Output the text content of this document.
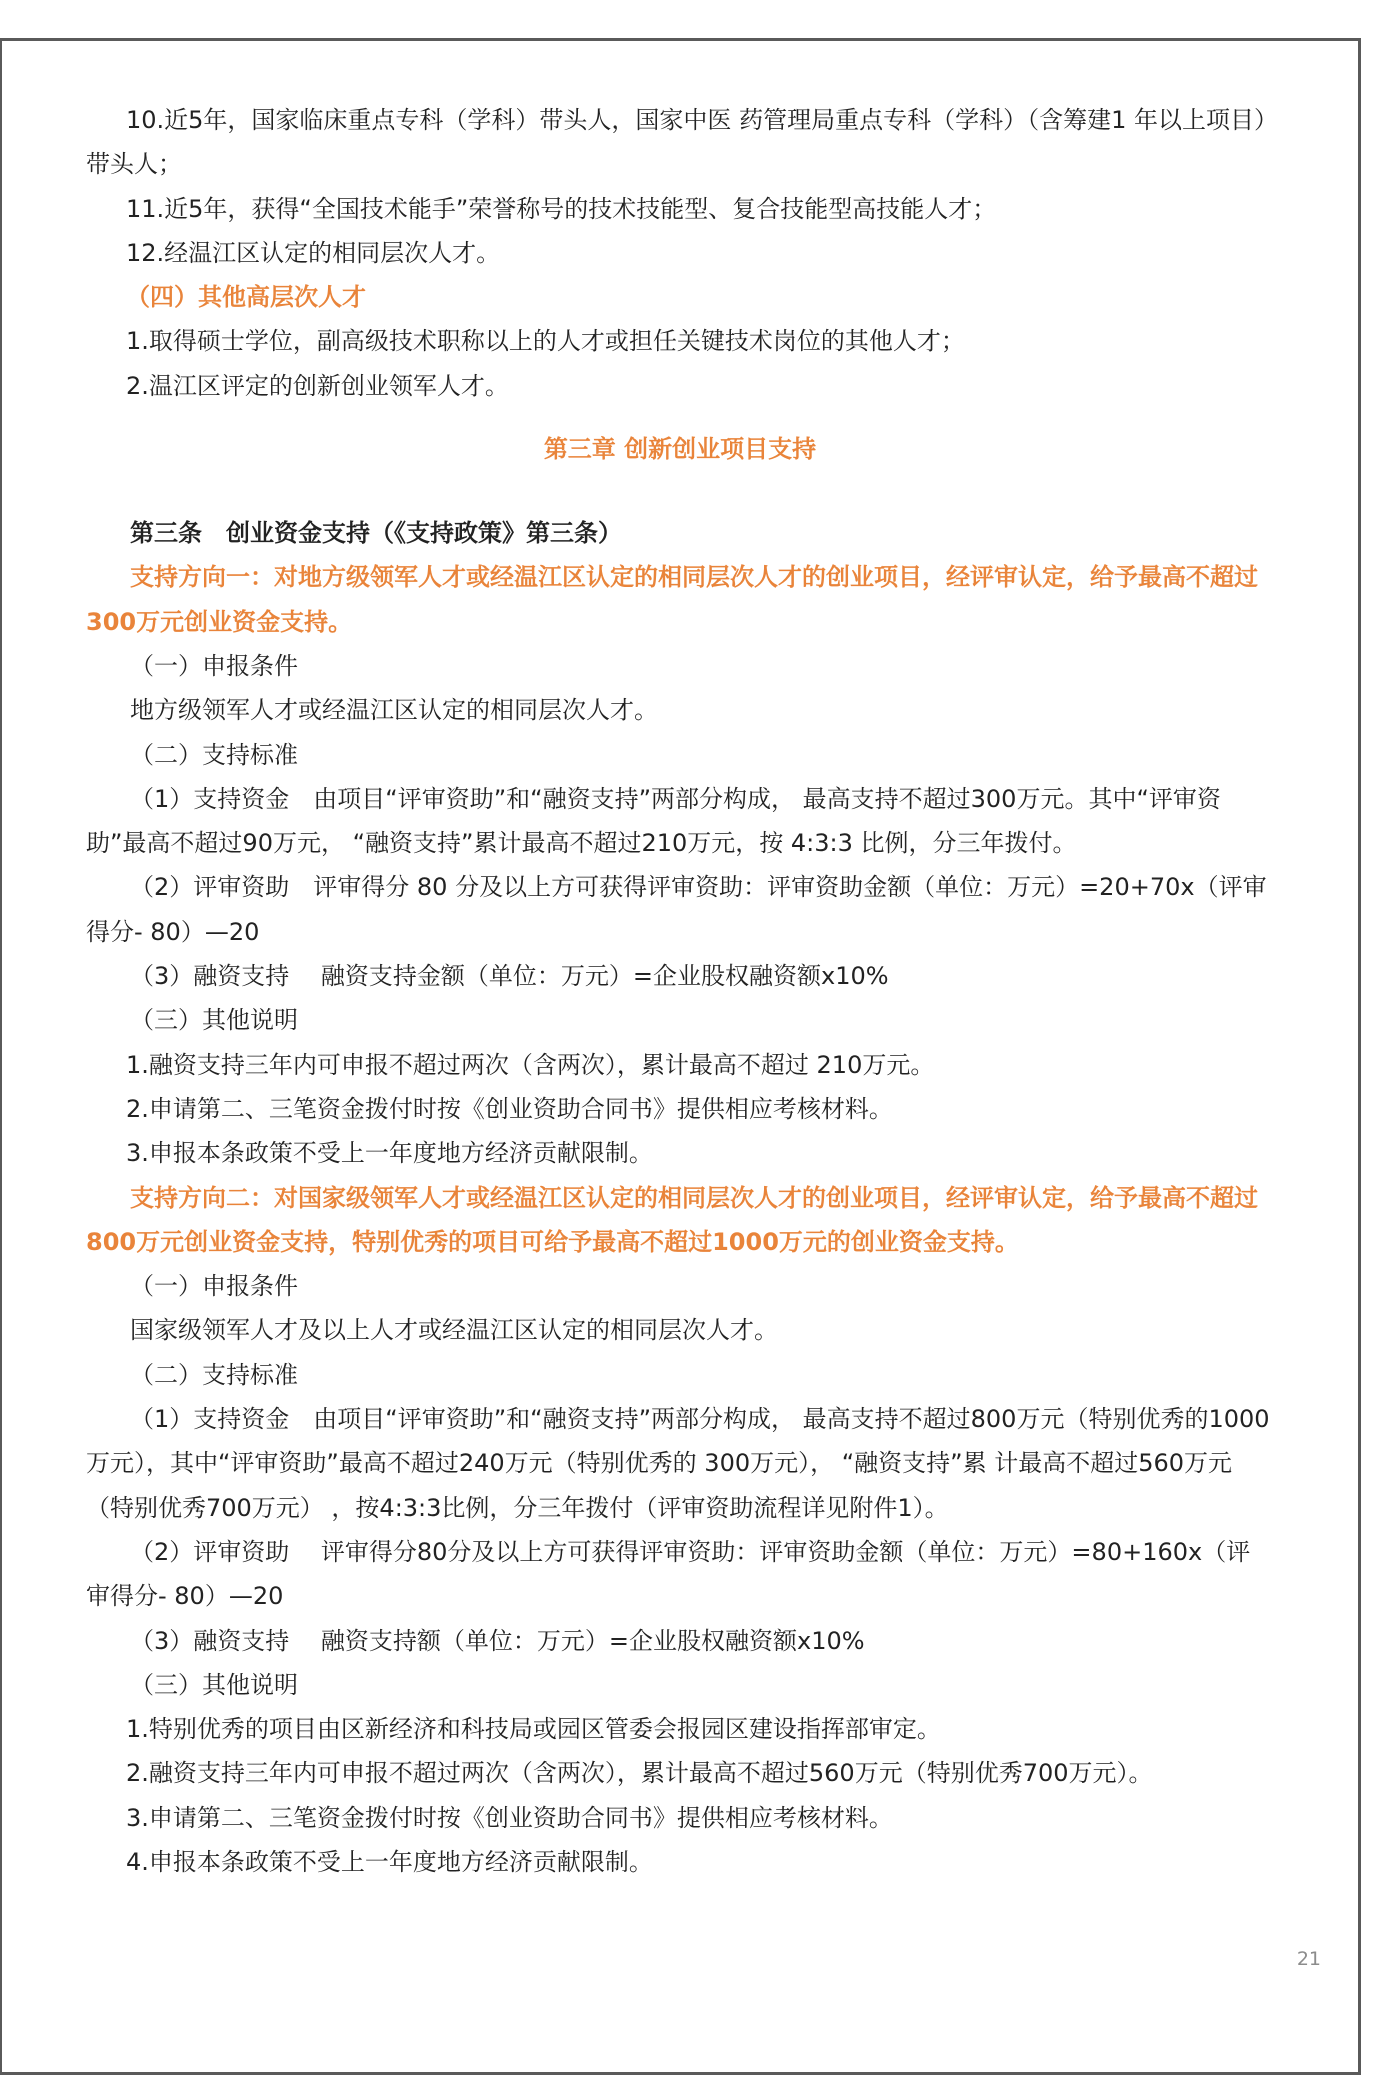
10.近5年，国家临床重点专科（学科）带头人，国家中医 药管理局重点专科（学科）（含筹建1 年以上项目）带头人；

11.近5年，获得“全国技术能手”荣誉称号的技术技能型、复合技能型高技能人才；

12.经温江区认定的相同层次人才。

（四）其他高层次人才

1.取得硕士学位，副高级技术职称以上的人才或担任关键技术岗位的其他人才；

2.温江区评定的创新创业领军人才。

第三章 创新创业项目支持

第三条　创业资金支持（《支持政策》第三条）

支持方向一：对地方级领军人才或经温江区认定的相同层次人才的创业项目，经评审认定，给予最高不超过300万元创业资金支持。

（一）申报条件

地方级领军人才或经温江区认定的相同层次人才。

（二）支持标准

（1）支持资金　由项目“评审资助”和“融资支持”两部分构成， 最高支持不超过300万元。其中“评审资助”最高不超过90万元， “融资支持”累计最高不超过210万元，按 4:3:3 比例，分三年拨付。

（2）评审资助　评审得分 80 分及以上方可获得评审资助：评审资助金额（单位：万元）=20+70x（评审得分- 80）—20

（3）融资支持　 融资支持金额（单位：万元）=企业股权融资额x10%

（三）其他说明

1.融资支持三年内可申报不超过两次（含两次），累计最高不超过 210万元。

2.申请第二、三笔资金拨付时按《创业资助合同书》提供相应考核材料。

3.申报本条政策不受上一年度地方经济贡献限制。

支持方向二：对国家级领军人才或经温江区认定的相同层次人才的创业项目，经评审认定，给予最高不超过800万元创业资金支持，特别优秀的项目可给予最高不超过1000万元的创业资金支持。

（一）申报条件

国家级领军人才及以上人才或经温江区认定的相同层次人才。

（二）支持标准

（1）支持资金　由项目“评审资助”和“融资支持”两部分构成， 最高支持不超过800万元（特别优秀的1000 万元），其中“评审资助”最高不超过240万元（特别优秀的 300万元）， “融资支持”累 计最高不超过560万元（特别优秀700万元） ，按4:3:3比例，分三年拨付（评审资助流程详见附件1）。

（2）评审资助　 评审得分80分及以上方可获得评审资助：评审资助金额（单位：万元）=80+160x（评审得分- 80）—20

（3）融资支持　 融资支持额（单位：万元）=企业股权融资额x10%

（三）其他说明

1.特别优秀的项目由区新经济和科技局或园区管委会报园区建设指挥部审定。

2.融资支持三年内可申报不超过两次（含两次），累计最高不超过560万元（特别优秀700万元）。

3.申请第二、三笔资金拨付时按《创业资助合同书》提供相应考核材料。

4.申报本条政策不受上一年度地方经济贡献限制。

21
